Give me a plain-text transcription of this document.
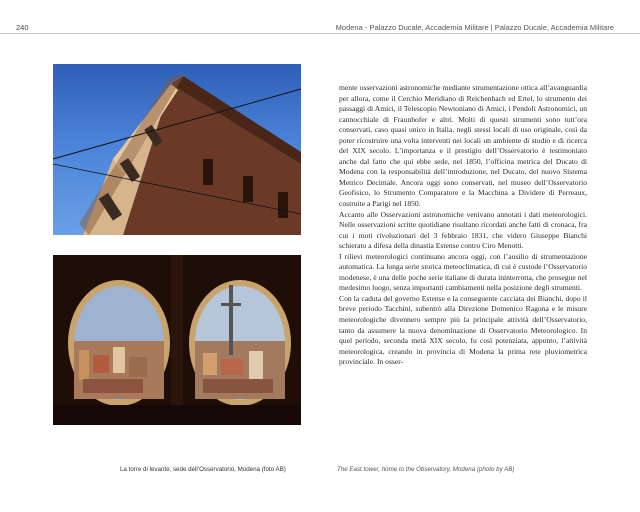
240	Modena - Palazzo Ducale, Accademia Militare | Palazzo Ducale, Accademia Militare

mente osservazioni astronomiche mediante strumentazione ottica all’avanguardia per allora, come il Cerchio Meridiano di Reichenbach ed Ertel, lo strumento dei passaggi di Amici, il Telescopio Newtoniano di Amici, i Pendoli Astronomici, un cannocchiale di Fraunhofer e altri. Molti di questi strumenti sono tutt’ora conservati, caso quasi unico in Italia, negli stessi locali di uso originale, così da poter ricostruire una volta interventi nei locali un ambiente di studio e di ricerca del XIX secolo. L’importanza e il prestigio dell’Osservatorio è testimoniato anche dal fatto che qui ebbe sede, nel 1850, l’officina metrica del Ducato di Modena con la responsabilità dell’introduzione, nel Ducato, del nuovo Sistema Metrico Decimale. Ancora oggi sono conservati, nel museo dell’Osservatorio Geofisico, lo Strumento Comparatore e la Macchina a Dividere di Perreaux, costruite a Parigi nel 1850.

Accanto alle Osservazioni astronomiche venivano annotati i dati meteorologici. Nelle osservazioni scritte quotidiane risultano ricordati anche fatti di cronaca, fra cui i moti rivoluzionari del 3 febbraio 1831, che videro Giuseppe Bianchi schierato a difesa della dinastia Estense contro Ciro Menotti.

I rilievi meteorologici continuano ancora oggi, con l’ausilio di strumentazione automatica. La lunga serie storica meteoclimatica, di cui è custode l’Osservatorio modenese, è una delle poche serie italiane di durata ininterrotta, che prosegue nel medesimo luogo, senza importanti cambiamenti nella posizione degli strumenti.

Con la caduta del governo Estense e la conseguente cacciata dei Bianchi, dopo il breve periodo Tacchini, subentrò alla Direzione Domenico Ragona e le misure meteorologiche divennero sempre più la principale attività dell’Osservatorio, tanto da assumere la nuova denominazione di Osservatorio Meteorologico. In quel periodo, seconda metà XIX secolo, fu così potenziata, appunto, l’attività meteorologica, creando in provincia di Modena la prima rete pluviometrica provinciale. In osser-

La torre di levante, sede dell’Osservatorio, Modena (foto AB)	The East tower, home to the Observatory, Modena (photo by AB)
